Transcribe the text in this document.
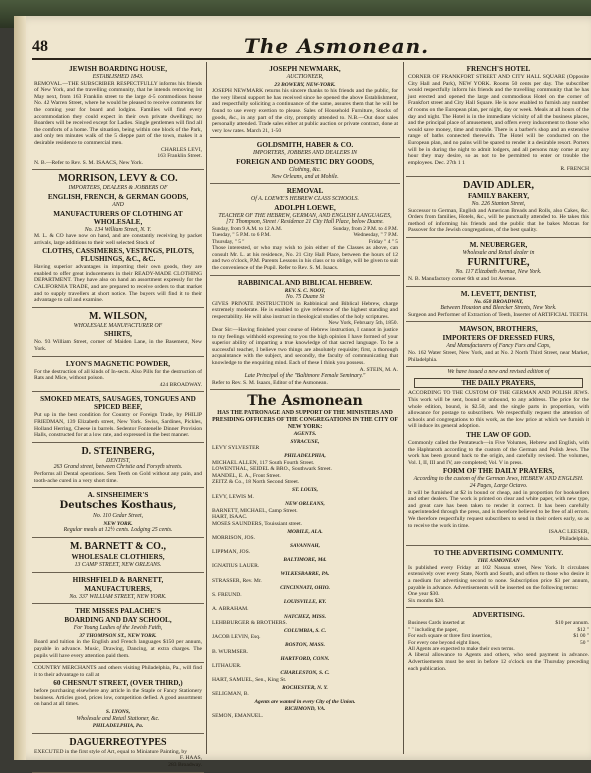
48	The Asmonean.
JEWISH BOARDING HOUSE,
ESTABLISHED 1843.
REMOVAL.—THE SUBSCRIBER RESPECTFULLY informs his friends of New York, and the travelling community, that he intends removing 1st May next, from 163 Franklin street to the large 4-5 commodious house No. 42 Warren Street, where he would be pleased to receive comments for the coming year for board and lodgins. Families will find every accommodation they could expect in their own private dwellings; no Boarders will be received except for Ladies. Single gentlemen will find all the comforts of a home. The situation, being within one block of the Park, and only ten minutes walk of the 5 dieppe part of the town, makes it a desirable residence to commercial men.
CHARLES LEVI,
163 Franklin Street.
N. B.—Refer to Rev. S. M. ISAACS, New York.
MORRISON, LEVY & CO.
IMPORTERS, DEALERS & JOBBERS OF
ENGLISH, FRENCH, & GERMAN GOODS,
AND
MANUFACTURERS OF CLOTHING AT WHOLESALE,
No. 134 William Street, N. Y.
M. L. & CO have now on hand, and are constantly receiving by packet arrivals, large additions to their well selected Stock of
CLOTHS, CASSIMERES, VESTINGS, PILOTS, FLUSHINGS, &C., &C.
Having superior advantages in importing their own goods, they are enabled to offer great inducements in their READY-MADE CLOTHING DEPARTMENT. They have also on hand an assortment expressly for the CALIFORNIA TRADE, and are prepared to receive orders to that market and to supply travellers at short notice. The buyers will find it to their advantage to call and examine.
M. WILSON,
WHOLESALE MANUFACTURER OF
SHIRTS,
No. 93 William Street, corner of Maiden Lane, in the Basement, New York.
LYON'S MAGNETIC POWDER,
For the destruction of all kinds of In-sects. Also Pills for the destruction of Rats and Mice, without poison.
424 BROADWAY.
SMOKED MEATS, SAUSAGES, TONGUES AND SPICED BEEF,
Put up in the best condition for Country or Foreign Trade, by PHILIP FRIEDMAN, 139 Elizabeth street, New York. Swiss, Sardines, Pickles, Holland Herring, Cheese in barrels. Sedentor Fontenelle Dinner Provision Halls, constructed for at a low rate, and expressed in the best manner.
D. STEINBERG,
DENTIST,
263 Grand street, between Christie and Forsyth streets.
Performs all Dental operations. Sets Teeth on Gold without any pain, and tooth-ache cured in a very short time.
A. SINSHEIMER'S
Deutsches Kosthaus,
No. 110 Cedar Street,
NEW YORK.
Regular meals at 12½ cents. Lodging 25 cents.
M. BARNETT & CO.,
WHOLESALE CLOTHIERS,
13 CAMP STREET, NEW ORLEANS.
HIRSHFIELD & BARNETT,
MANUFACTURERS,
No. 337 WILLIAM STREET, NEW YORK.
THE MISSES PALACHE'S
BOARDING AND DAY SCHOOL,
For Young Ladies of the Jewish Faith,
37 THOMPSON ST., NEW YORK.
Board and tuition in the English and French languages $150 per annum, payable in advance. Music, Drawing, Dancing, at extra charges. The pupils will have every attention paid them.
COUNTRY MERCHANTS and others visiting Philadelphia, Pa., will find it to their advantage to call at
60 CHESNUT STREET, (OVER THIRD,)
before purchasing elsewhere any article in the Staple or Fancy Stationery business. Articles good, prices low, competition defied. A good assortment on hand at all times.
S. LYONS,
Wholesale and Retail Stationer, &c.
PHILADELPHIA, Pa.
DAGUERREOTYPES
EXECUTED in the first style of Art, equal to Miniature Painting, by
F. HAAS,
283 Broadway.
JOSEPH NEWMARK,
AUCTIONEER,
23 BOWERY, NEW-YORK.
JOSEPH NEWMARK returns his sincere thanks to his friends and the public, for the very liberal support he has received since he opened the above Establishment, and respectfully soliciting a continuance of the same, assures them that he will be found to use every exertion to please. Sales of Household Furniture, Stocks of goods, &c., in any part of the city, promptly attended to. N.B.—Out door sales personally attended. Trade sales either at public auction or private contract, done at very low rates. March 21, 1-50
GOLDSMITH, HABER & CO.
IMPORTERS, JOBBERS AND DEALERS IN
FOREIGN AND DOMESTIC DRY GOODS,
Clothing, &c.
New Orleans, and at Mobile.
REMOVAL
Of A. LOEWE'S HEBREW CLASS SCHOOLS.
ADOLPH LOEWE,
TEACHER OF THE HEBREW, GERMAN, AND ENGLISH LANGUAGES,
[71 Thompson, Street / Residence 21 City Hall Place, below Duane.
Sunday, from 9 A.M. to 12 A.M.	Sunday, from 2 P.M. to 4 P.M.
Tuesday, " 5 P.M. to 6 P.M.	Wednesday, " 7 P.M.
Thursday, " 5 "	Friday " 4 " 5
Those interested, or who may wish to join either of the Classes as above, can consult Mr. L. at his residence, No. 21 City Hall Place, between the hours of 12 and two o'clock, P.M. Parents Lessons in his class or to oblige, will be given to suit the convenience of the Pupil. Refer to Rev. S. M. Isaacs.
RABBINICAL AND BIBLICAL HEBREW.
REV. S. C. NOOT,
No. 75 Duane St
GIVES PRIVATE INSTRUCTION in Rabbinical and Biblical Hebrew, charge extremely moderate. He is enabled to give reference of the highest standing and respectability. He will also instruct in theological studies of the holy scriptures.
New York, February 5th, 1850.
Dear Sir:—Having finished your course of Hebrew instruction, I cannot in justice to my feelings withhold expressing to you the high opinion I have formed of your superior ability of imparting a true knowledge of that sacred language. To be a successful teacher, I believe two things are absolutely requisite; first, a thorough acquaintance with the subject, and secondly, the faculty of communicating that knowledge to the enquiring mind. Each of these I think you possess.
A. STEIN, M. A.
Late Principal of the "Baltimore Female Seminary."
Refer to Rev. S. M. Isaacs, Editor of the Asmonean.
The Asmonean
HAS THE PATRONAGE AND SUPPORT OF THE MINISTERS AND PRESIDING OFFICERS OF THE CONGREGATIONS IN THE CITY OF NEW YORK:
AGENTS.
SYRACUSE,
LEVY SYLVESTER
PHILADELPHIA,
MICHAEL ALLEN, 117 South Fourth Street.
LOWENTHAL, SEIDEL & BRO., Southwark Street.
MANDEL, E. A., Front Street.
ZEITZ & Co., 18 North Second Street.
ST. LOUIS,
LEVY, LEWIS M.
NEW ORLEANS,
BARNETT, MICHAEL, Camp Street.
HART, ISAAC.
MOSES SAUNDERS, Touissiant street.
MOBILE, ALA.
MORRISON, JOS.
SAVANNAH,
LIPPMAN, JOS.
BALTIMORE, Md.
IGNATIUS LAUER.
WILKESBARRE, PA.
STRASSER, Rev. Mr.
CINCINNATI, OHIO.
S. FREUND.
LOUISVILLE, KY.
A. ABRAHAM.
NATCHEZ, MISS.
LEHBBURGER & BROTHERS.
COLUMBIA, S. C.
JACOB LEVIN, Esq.
BOSTON, MASS.
B. WURMSER.
HARTFORD, CONN.
LITHAUER.
CHARLESTON, S. C.
HART, SAMUEL, Sen., King St.
ROCHESTER, N. Y.
SELIGMAN, B.
Agents are wanted in every City of the Union.
RICHMOND, VA.
SEMON, EMANUEL.
FRENCH'S HOTEL
CORNER OF FRANKFORT STREET AND CITY HALL SQUARE (Opposite City Hall and Park), NEW YORK. Rooms 50 cents per day. The subscriber would respectfully inform his friends and the travelling community that he has just erected and opened the large and commodious Hotel on the corner of Frankfort street and City Hall Square. He is now enabled to furnish any number of rooms on the European plan, per night, day or week. Meals at all hours of the day and night. The Hotel is in the immediate vicinity of all the business places, and the principal place of amusement, and offers every inducement to those who would save money, time and trouble. There is a barber's shop and an extensive range of baths connected therewith. The Hotel will be conducted on the European plan, and no pains will be spared to render it a desirable resort. Porters will be in during the night to admit lodgers, and all persons may come at any hour they may desire, so as not to be permitted to enter or trouble the employees. Dec. 27th 1 1
R. FRENCH
DAVID ADLER,
FAMILY BAKERY,
No. 226 Stanton Street,
Successor to German, English and American Breads and Rolls, also Cakes, &c. Orders from families, Hotels, &c., will be punctually attended to. He takes this method of informing his friends and the public that he bakes Motzas for Passover for the Jewish congregations, of the best quality.
M. NEUBERGER,
Wholesale and Retail dealer in
FURNITURE,
No. 117 Elizabeth Avenue, New York.
N. B. Manufactory corner 6th st and 1st Avenue.
M. LEVETT, DENTIST,
No. 650 BROADWAY,
Between Houston and Bleecker Streets, New York.
Surgeon and Performer of Extraction of Teeth, Inserter of ARTIFICIAL TEETH.
MAWSON, BROTHERS,
IMPORTERS OF DRESSED FURS,
And Manufacturers of Fancy Furs and Caps,
No. 162 Water Street, New York, and at No. 2 North Third Street, near Market, Philadelphia.
We have issued a new and revised edition of
THE DAILY PRAYERS,
ACCORDING TO THE CUSTOM OF THE GERMAN AND POLISH JEWS. This work will be sent, bound or unbound, to any address. The price for the whole edition, bound, is $2.50, and the single parts in proportion, with allowance for postage to subscribers. We respectfully request the attention of schools and congregations to this work, as the low price at which we furnish it will induce its general adoption.
THE LAW OF GOD.
Commonly called the Pentateuch—in Five Volumes, Hebrew and English, with the Haphtaroth according to the custom of the German and Polish Jews. The work has been ground back to the origin, and carefully revised. The volumes, Vol. I, II, III and IV, are completed; Vol. V in press.
FORM OF THE DAILY PRAYERS,
According to the custom of the German Jews, HEBREW AND ENGLISH.
24 Pages, Large Octavo.
It will be furnished at $2 in bound or cheap, and in proportion for booksellers and other dealers. The work is printed on clear and white paper, with new type, and great care has been taken to render it correct. It has been carefully superintended through the press, and is therefore believed to be free of all errors. We therefore respectfully request subscribers to send in their orders early, so as to receive the work in time.
ISAAC LEESER,
Philadelphia.
TO THE ADVERTISING COMMUNITY.
THE ASMONEAN
Is published every Friday at 102 Nassau street, New York. It circulates extensively over every State, North and South, and offers to those who desire it a medium for advertising second to none. Subscription price $3 per annum, payable in advance. Advertisements will be inserted on the following terms:
One year $30.
Six months $20.
ADVERTISING.
Business Cards inserted at	$10 per annum.
" " including the paper,	$12 "
For each square or three first insertion,	$1 00 "
For every one beyond eight lines,	50 "
All Agents are expected to make their own terms.
A liberal allowance to Agents and others, who send payment in advance. Advertisements must be sent in before 12 o'clock on the Thursday preceding each publication.
